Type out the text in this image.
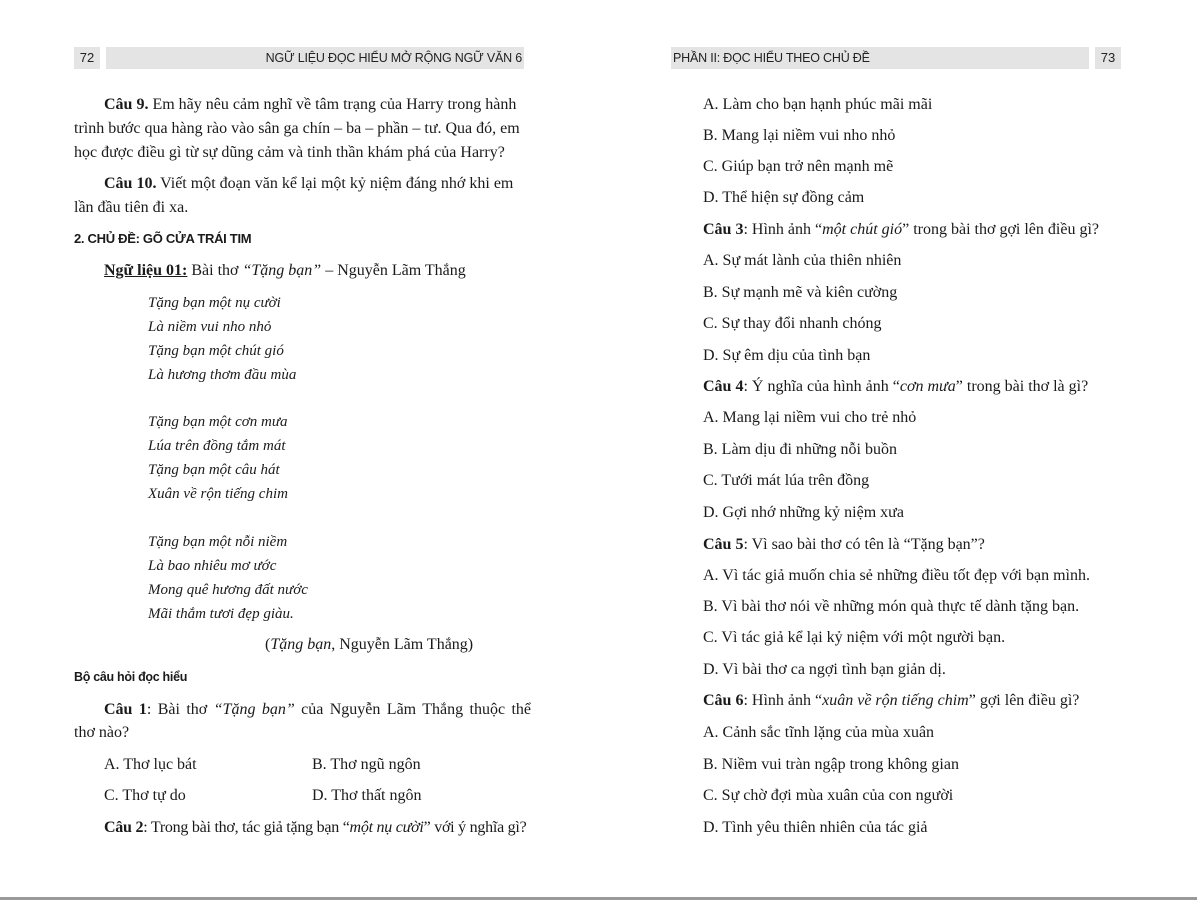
72	NGỮ LIỆU ĐỌC HIỂU MỞ RỘNG NGỮ VĂN 6
Câu 9. Em hãy nêu cảm nghĩ về tâm trạng của Harry trong hành
trình bước qua hàng rào vào sân ga chín – ba – phần – tư. Qua đó, em
học được điều gì từ sự dũng cảm và tinh thần khám phá của Harry?
Câu 10. Viết một đoạn văn kể lại một kỷ niệm đáng nhớ khi em
lần đầu tiên đi xa.
2. CHỦ ĐỀ: GÕ CỬA TRÁI TIM
Ngữ liệu 01: Bài thơ “Tặng bạn” – Nguyễn Lãm Thắng
Tặng bạn một nụ cười
Là niềm vui nho nhỏ
Tặng bạn một chút gió
Là hương thơm đầu mùa
Tặng bạn một cơn mưa
Lúa trên đồng tắm mát
Tặng bạn một câu hát
Xuân về rộn tiếng chim
Tặng bạn một nỗi niềm
Là bao nhiêu mơ ước
Mong quê hương đất nước
Mãi thắm tươi đẹp giàu.
(Tặng bạn, Nguyễn Lãm Thắng)
Bộ câu hỏi đọc hiểu
Câu 1: Bài thơ “Tặng bạn” của Nguyễn Lãm Thắng thuộc thể
thơ nào?
A. Thơ lục bát	B. Thơ ngũ ngôn
C. Thơ tự do	D. Thơ thất ngôn
Câu 2: Trong bài thơ, tác giả tặng bạn “một nụ cười” với ý nghĩa gì?
PHẦN II: ĐỌC HIỂU THEO CHỦ ĐỀ	73
A. Làm cho bạn hạnh phúc mãi mãi
B. Mang lại niềm vui nho nhỏ
C. Giúp bạn trở nên mạnh mẽ
D. Thể hiện sự đồng cảm
Câu 3: Hình ảnh “một chút gió” trong bài thơ gợi lên điều gì?
A. Sự mát lành của thiên nhiên
B. Sự mạnh mẽ và kiên cường
C. Sự thay đổi nhanh chóng
D. Sự êm dịu của tình bạn
Câu 4: Ý nghĩa của hình ảnh “cơn mưa” trong bài thơ là gì?
A. Mang lại niềm vui cho trẻ nhỏ
B. Làm dịu đi những nỗi buồn
C. Tưới mát lúa trên đồng
D. Gợi nhớ những kỷ niệm xưa
Câu 5: Vì sao bài thơ có tên là “Tặng bạn”?
A. Vì tác giả muốn chia sẻ những điều tốt đẹp với bạn mình.
B. Vì bài thơ nói về những món quà thực tế dành tặng bạn.
C. Vì tác giả kể lại kỷ niệm với một người bạn.
D. Vì bài thơ ca ngợi tình bạn giản dị.
Câu 6: Hình ảnh “xuân về rộn tiếng chim” gợi lên điều gì?
A. Cảnh sắc tĩnh lặng của mùa xuân
B. Niềm vui tràn ngập trong không gian
C. Sự chờ đợi mùa xuân của con người
D. Tình yêu thiên nhiên của tác giả
